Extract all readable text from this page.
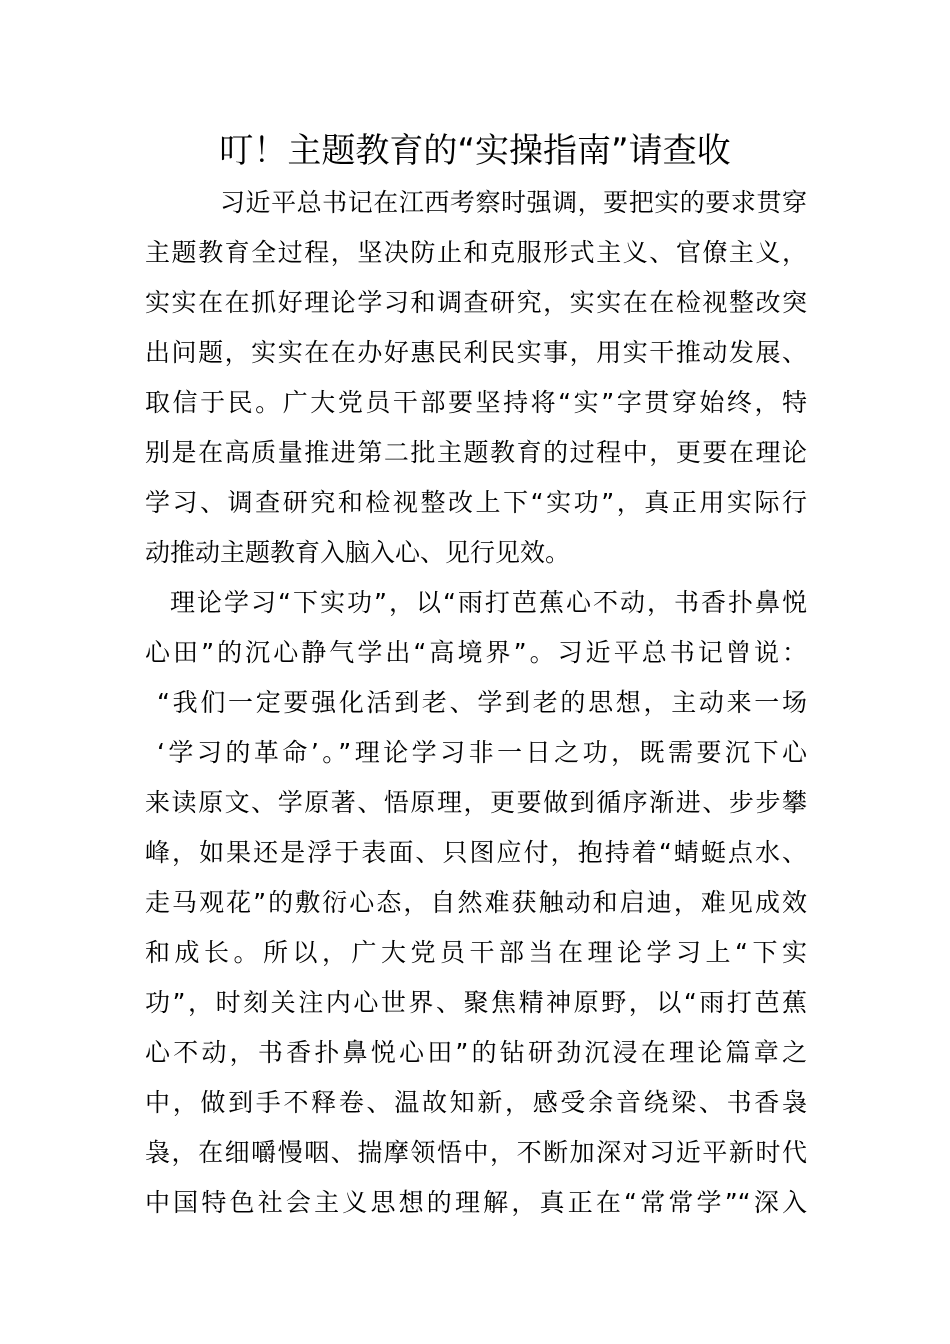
叮！主题教育的“实操指南”请查收
习近平总书记在江西考察时强调，要把实的要求贯穿
主题教育全过程，坚决防止和克服形式主义、官僚主义，
实实在在抓好理论学习和调查研究，实实在在检视整改突
出问题，实实在在办好惠民利民实事，用实干推动发展、
取信于民。广大党员干部要坚持将“实”字贯穿始终，特
别是在高质量推进第二批主题教育的过程中，更要在理论
学习、调查研究和检视整改上下“实功”，真正用实际行
动推动主题教育入脑入心、见行见效。
理论学习“下实功”，以“雨打芭蕉心不动，书香扑鼻悦
心田”的沉心静气学出“高境界”。习近平总书记曾说：
“我们一定要强化活到老、学到老的思想，主动来一场
‘学习的革命’。”理论学习非一日之功，既需要沉下心
来读原文、学原著、悟原理，更要做到循序渐进、步步攀
峰，如果还是浮于表面、只图应付，抱持着“蜻蜓点水、
走马观花”的敷衍心态，自然难获触动和启迪，难见成效
和成长。所以，广大党员干部当在理论学习上“下实
功”，时刻关注内心世界、聚焦精神原野，以“雨打芭蕉
心不动，书香扑鼻悦心田”的钻研劲沉浸在理论篇章之
中，做到手不释卷、温故知新，感受余音绕梁、书香袅
袅，在细嚼慢咽、揣摩领悟中，不断加深对习近平新时代
中国特色社会主义思想的理解，真正在“常常学”“深入
